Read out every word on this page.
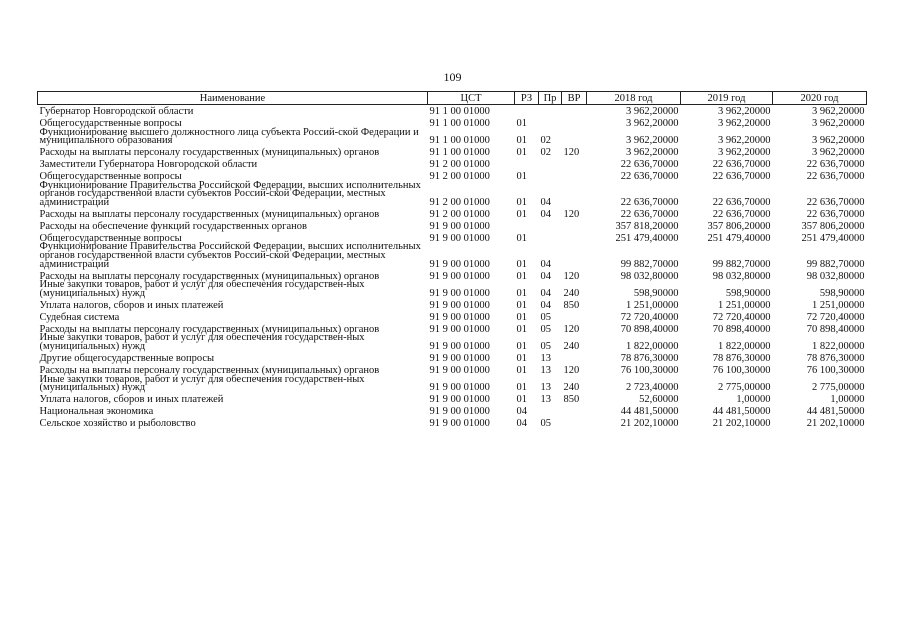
109
Наименование	ЦСТ	РЗ	Пр	ВР	2018 год	2019 год	2020 год
Губернатор Новгородской области	91 1 00 01000				3 962,20000	3 962,20000	3 962,20000
Общегосударственные вопросы	91 1 00 01000	01			3 962,20000	3 962,20000	3 962,20000
Функционирование высшего должностного лица субъекта Россий-ской Федерации и муниципального образования	91 1 00 01000	01	02		3 962,20000	3 962,20000	3 962,20000
Расходы на выплаты персоналу государственных (муниципальных) органов	91 1 00 01000	01	02	120	3 962,20000	3 962,20000	3 962,20000
Заместители Губернатора Новгородской области	91 2 00 01000				22 636,70000	22 636,70000	22 636,70000
Общегосударственные вопросы	91 2 00 01000	01			22 636,70000	22 636,70000	22 636,70000
Функционирование Правительства Российской Федерации, высших исполнительных органов государственной власти субъектов Россий-ской Федерации, местных администраций	91 2 00 01000	01	04		22 636,70000	22 636,70000	22 636,70000
Расходы на выплаты персоналу государственных (муниципальных) органов	91 2 00 01000	01	04	120	22 636,70000	22 636,70000	22 636,70000
Расходы на обеспечение функций государственных органов	91 9 00 01000				357 818,20000	357 806,20000	357 806,20000
Общегосударственные вопросы	91 9 00 01000	01			251 479,40000	251 479,40000	251 479,40000
Функционирование Правительства Российской Федерации, высших исполнительных органов государственной власти субъектов Россий-ской Федерации, местных администраций	91 9 00 01000	01	04		99 882,70000	99 882,70000	99 882,70000
Расходы на выплаты персоналу государственных (муниципальных) органов	91 9 00 01000	01	04	120	98 032,80000	98 032,80000	98 032,80000
Иные закупки товаров, работ и услуг для обеспечения государствен-ных (муниципальных) нужд	91 9 00 01000	01	04	240	598,90000	598,90000	598,90000
Уплата налогов, сборов и иных платежей	91 9 00 01000	01	04	850	1 251,00000	1 251,00000	1 251,00000
Судебная система	91 9 00 01000	01	05		72 720,40000	72 720,40000	72 720,40000
Расходы на выплаты персоналу государственных (муниципальных) органов	91 9 00 01000	01	05	120	70 898,40000	70 898,40000	70 898,40000
Иные закупки товаров, работ и услуг для обеспечения государствен-ных (муниципальных) нужд	91 9 00 01000	01	05	240	1 822,00000	1 822,00000	1 822,00000
Другие общегосударственные вопросы	91 9 00 01000	01	13		78 876,30000	78 876,30000	78 876,30000
Расходы на выплаты персоналу государственных (муниципальных) органов	91 9 00 01000	01	13	120	76 100,30000	76 100,30000	76 100,30000
Иные закупки товаров, работ и услуг для обеспечения государствен-ных (муниципальных) нужд	91 9 00 01000	01	13	240	2 723,40000	2 775,00000	2 775,00000
Уплата налогов, сборов и иных платежей	91 9 00 01000	01	13	850	52,60000	1,00000	1,00000
Национальная экономика	91 9 00 01000	04			44 481,50000	44 481,50000	44 481,50000
Сельское хозяйство и рыболовство	91 9 00 01000	04	05		21 202,10000	21 202,10000	21 202,10000
